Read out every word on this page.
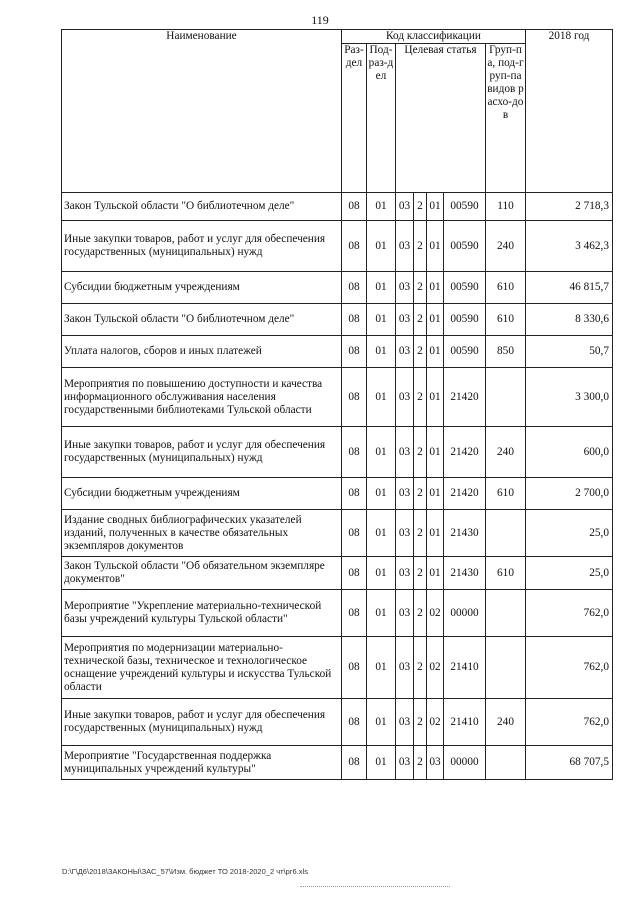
119
Наименование	Код классификации							2018 год
	Раз-дел	Под-раз-дел	Целевая статья				Груп-па, под-груп-па видов расхо-дов	
Закон Тульской области "О библиотечном деле"	08	01	03	2	01	00590	110	2 718,3
Иные закупки товаров, работ и услуг для обеспечения государственных (муниципальных) нужд	08	01	03	2	01	00590	240	3 462,3
Субсидии бюджетным учреждениям	08	01	03	2	01	00590	610	46 815,7
Закон Тульской области "О библиотечном деле"	08	01	03	2	01	00590	610	8 330,6
Уплата налогов, сборов и иных платежей	08	01	03	2	01	00590	850	50,7
Мероприятия по повышению доступности и качества информационного обслуживания населения государственными библиотеками Тульской области	08	01	03	2	01	21420		3 300,0
Иные закупки товаров, работ и услуг для обеспечения государственных (муниципальных) нужд	08	01	03	2	01	21420	240	600,0
Субсидии бюджетным учреждениям	08	01	03	2	01	21420	610	2 700,0
Издание сводных библиографических указателей изданий, полученных в качестве обязательных экземпляров документов	08	01	03	2	01	21430		25,0
Закон Тульской области "Об обязательном экземпляре документов"	08	01	03	2	01	21430	610	25,0
Мероприятие "Укрепление материально-технической базы учреждений культуры Тульской области"	08	01	03	2	02	00000		762,0
Мероприятия по модернизации материально-технической базы, техническое и технологическое оснащение учреждений культуры и искусства Тульской области	08	01	03	2	02	21410		762,0
Иные закупки товаров, работ и услуг для обеспечения государственных (муниципальных) нужд	08	01	03	2	02	21410	240	762,0
Мероприятие "Государственная поддержка муниципальных учреждений культуры"	08	01	03	2	03	00000		68 707,5
D:\Г\Д6\2018\ЗАКОНЫ\ЗАС_57\Изм. бюджет ТО 2018-2020_2 чт\рг6.xls
